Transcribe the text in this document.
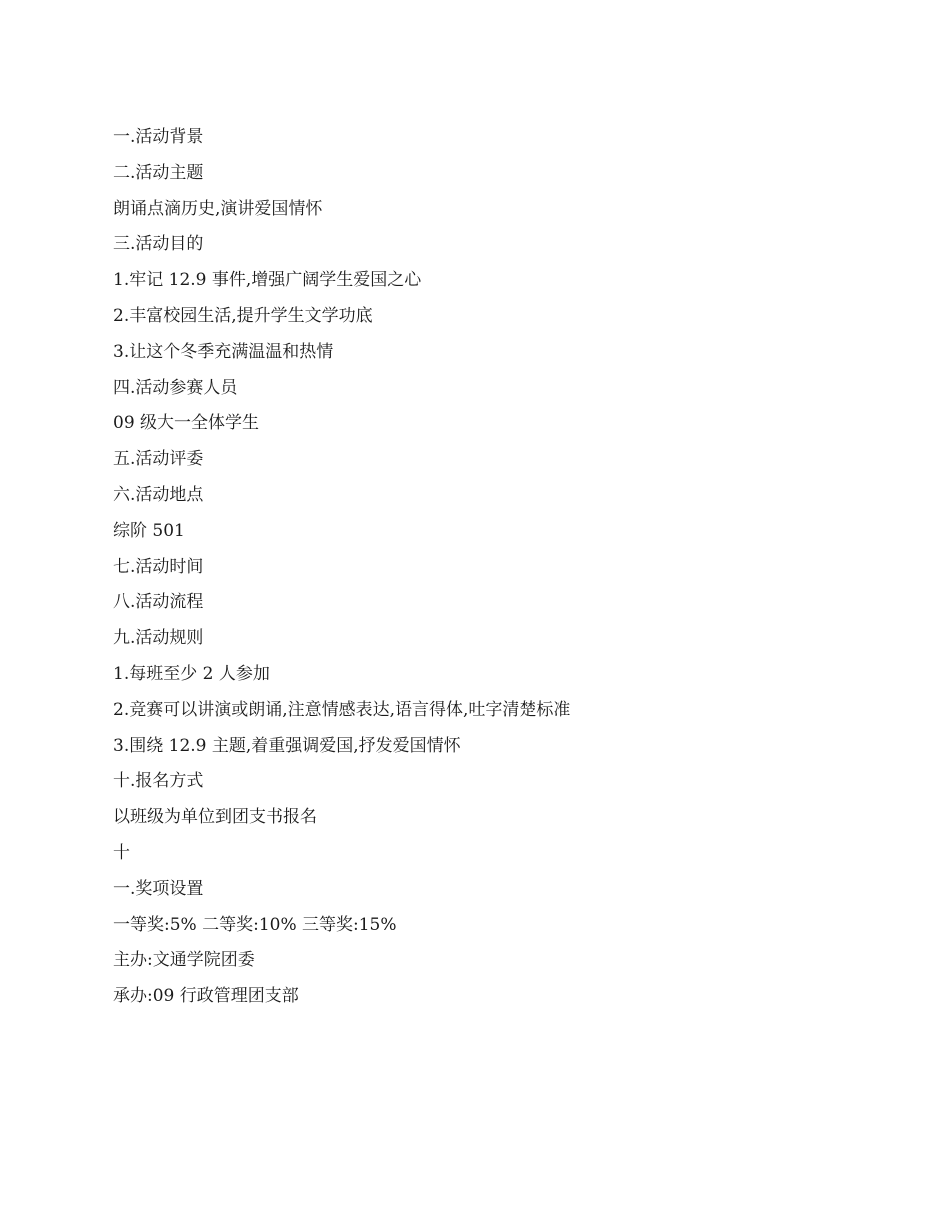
一.活动背景
二.活动主题
朗诵点滴历史,演讲爱国情怀
三.活动目的
1.牢记 12.9 事件,增强广阔学生爱国之心
2.丰富校园生活,提升学生文学功底
3.让这个冬季充满温温和热情
四.活动参赛人员
09 级大一全体学生
五.活动评委
六.活动地点
综阶 501
七.活动时间
八.活动流程
九.活动规则
1.每班至少 2 人参加
2.竞赛可以讲演或朗诵,注意情感表达,语言得体,吐字清楚标准
3.围绕 12.9 主题,着重强调爱国,抒发爱国情怀
十.报名方式
以班级为单位到团支书报名
十
一.奖项设置
一等奖:5% 二等奖:10% 三等奖:15%
主办:文通学院团委
承办:09 行政管理团支部
